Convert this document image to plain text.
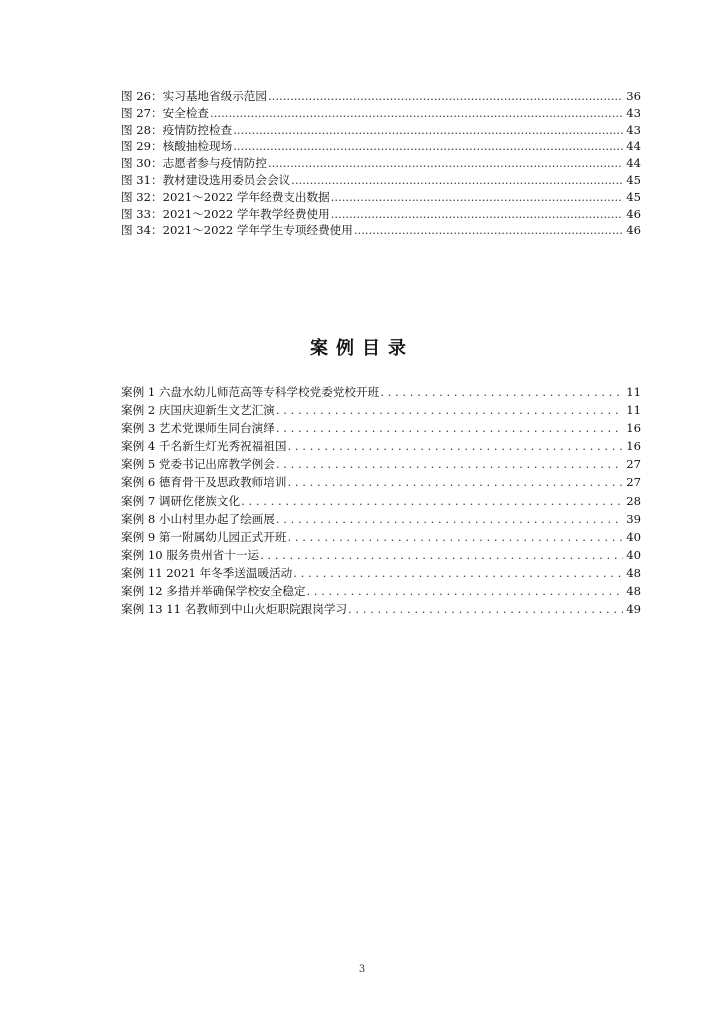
图 26：实习基地省级示范园 .....	36
图 27：安全检查 .....	43
图 28：疫情防控检查 .....	43
图 29：核酸抽检现场 .....	44
图 30：志愿者参与疫情防控 .....	44
图 31：教材建设选用委员会会议 .....	45
图 32：2021～2022 学年经费支出数据 .....	45
图 33：2021～2022 学年教学经费使用 .....	46
图 34：2021～2022 学年学生专项经费使用 .....	46
案例目录
案例 1 六盘水幼儿师范高等专科学校党委党校开班 . . .	11
案例 2 庆国庆迎新生文艺汇演 . . .	11
案例 3 艺术党课师生同台演绎 . . .	16
案例 4 千名新生灯光秀祝福祖国 . . .	16
案例 5 党委书记出席教学例会 . . .	27
案例 6 德育骨干及思政教师培训 . . .	27
案例 7 调研仡佬族文化 . . .	28
案例 8 小山村里办起了绘画展 . . .	39
案例 9 第一附属幼儿园正式开班 . . .	40
案例 10 服务贵州省十一运 . . .	40
案例 11 2021 年冬季送温暖活动 . . .	48
案例 12 多措并举确保学校安全稳定 . . .	48
案例 13 11 名教师到中山火炬职院跟岗学习 . . .	49
3
